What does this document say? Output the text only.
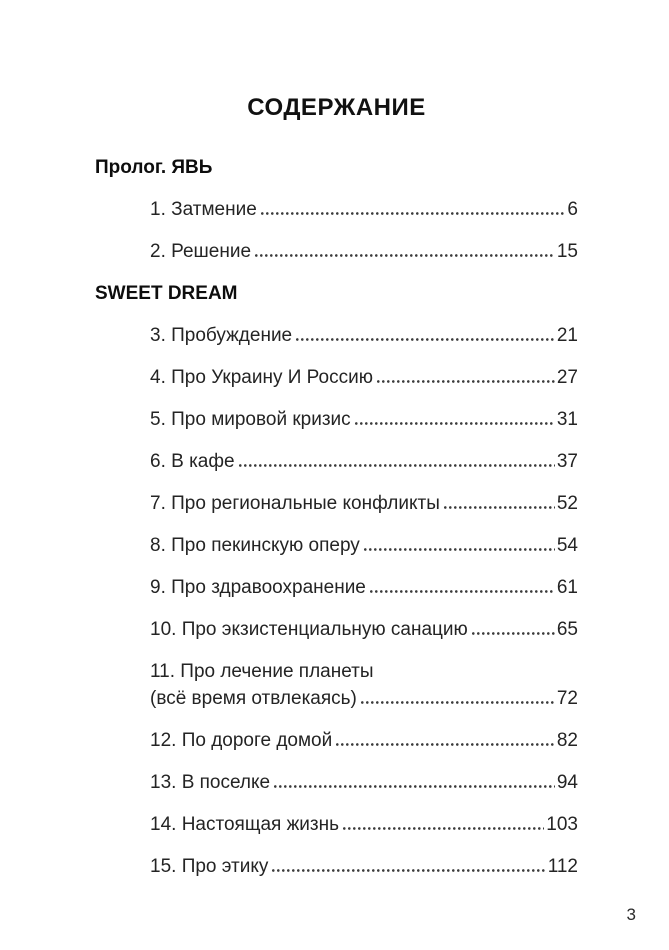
СОДЕРЖАНИЕ
Пролог. ЯВЬ
1. Затмение	6
2. Решение	15
SWEET DREAM
3. Пробуждение	21
4. Про Украину И Россию	27
5. Про мировой кризис	31
6. В кафе	37
7. Про региональные конфликты	52
8. Про пекинскую оперу	54
9. Про здравоохранение	61
10. Про экзистенциальную санацию	65
11. Про лечение планеты
(всё время отвлекаясь)	72
12. По дороге домой	82
13. В поселке	94
14. Настоящая жизнь	103
15. Про этику	112
3
